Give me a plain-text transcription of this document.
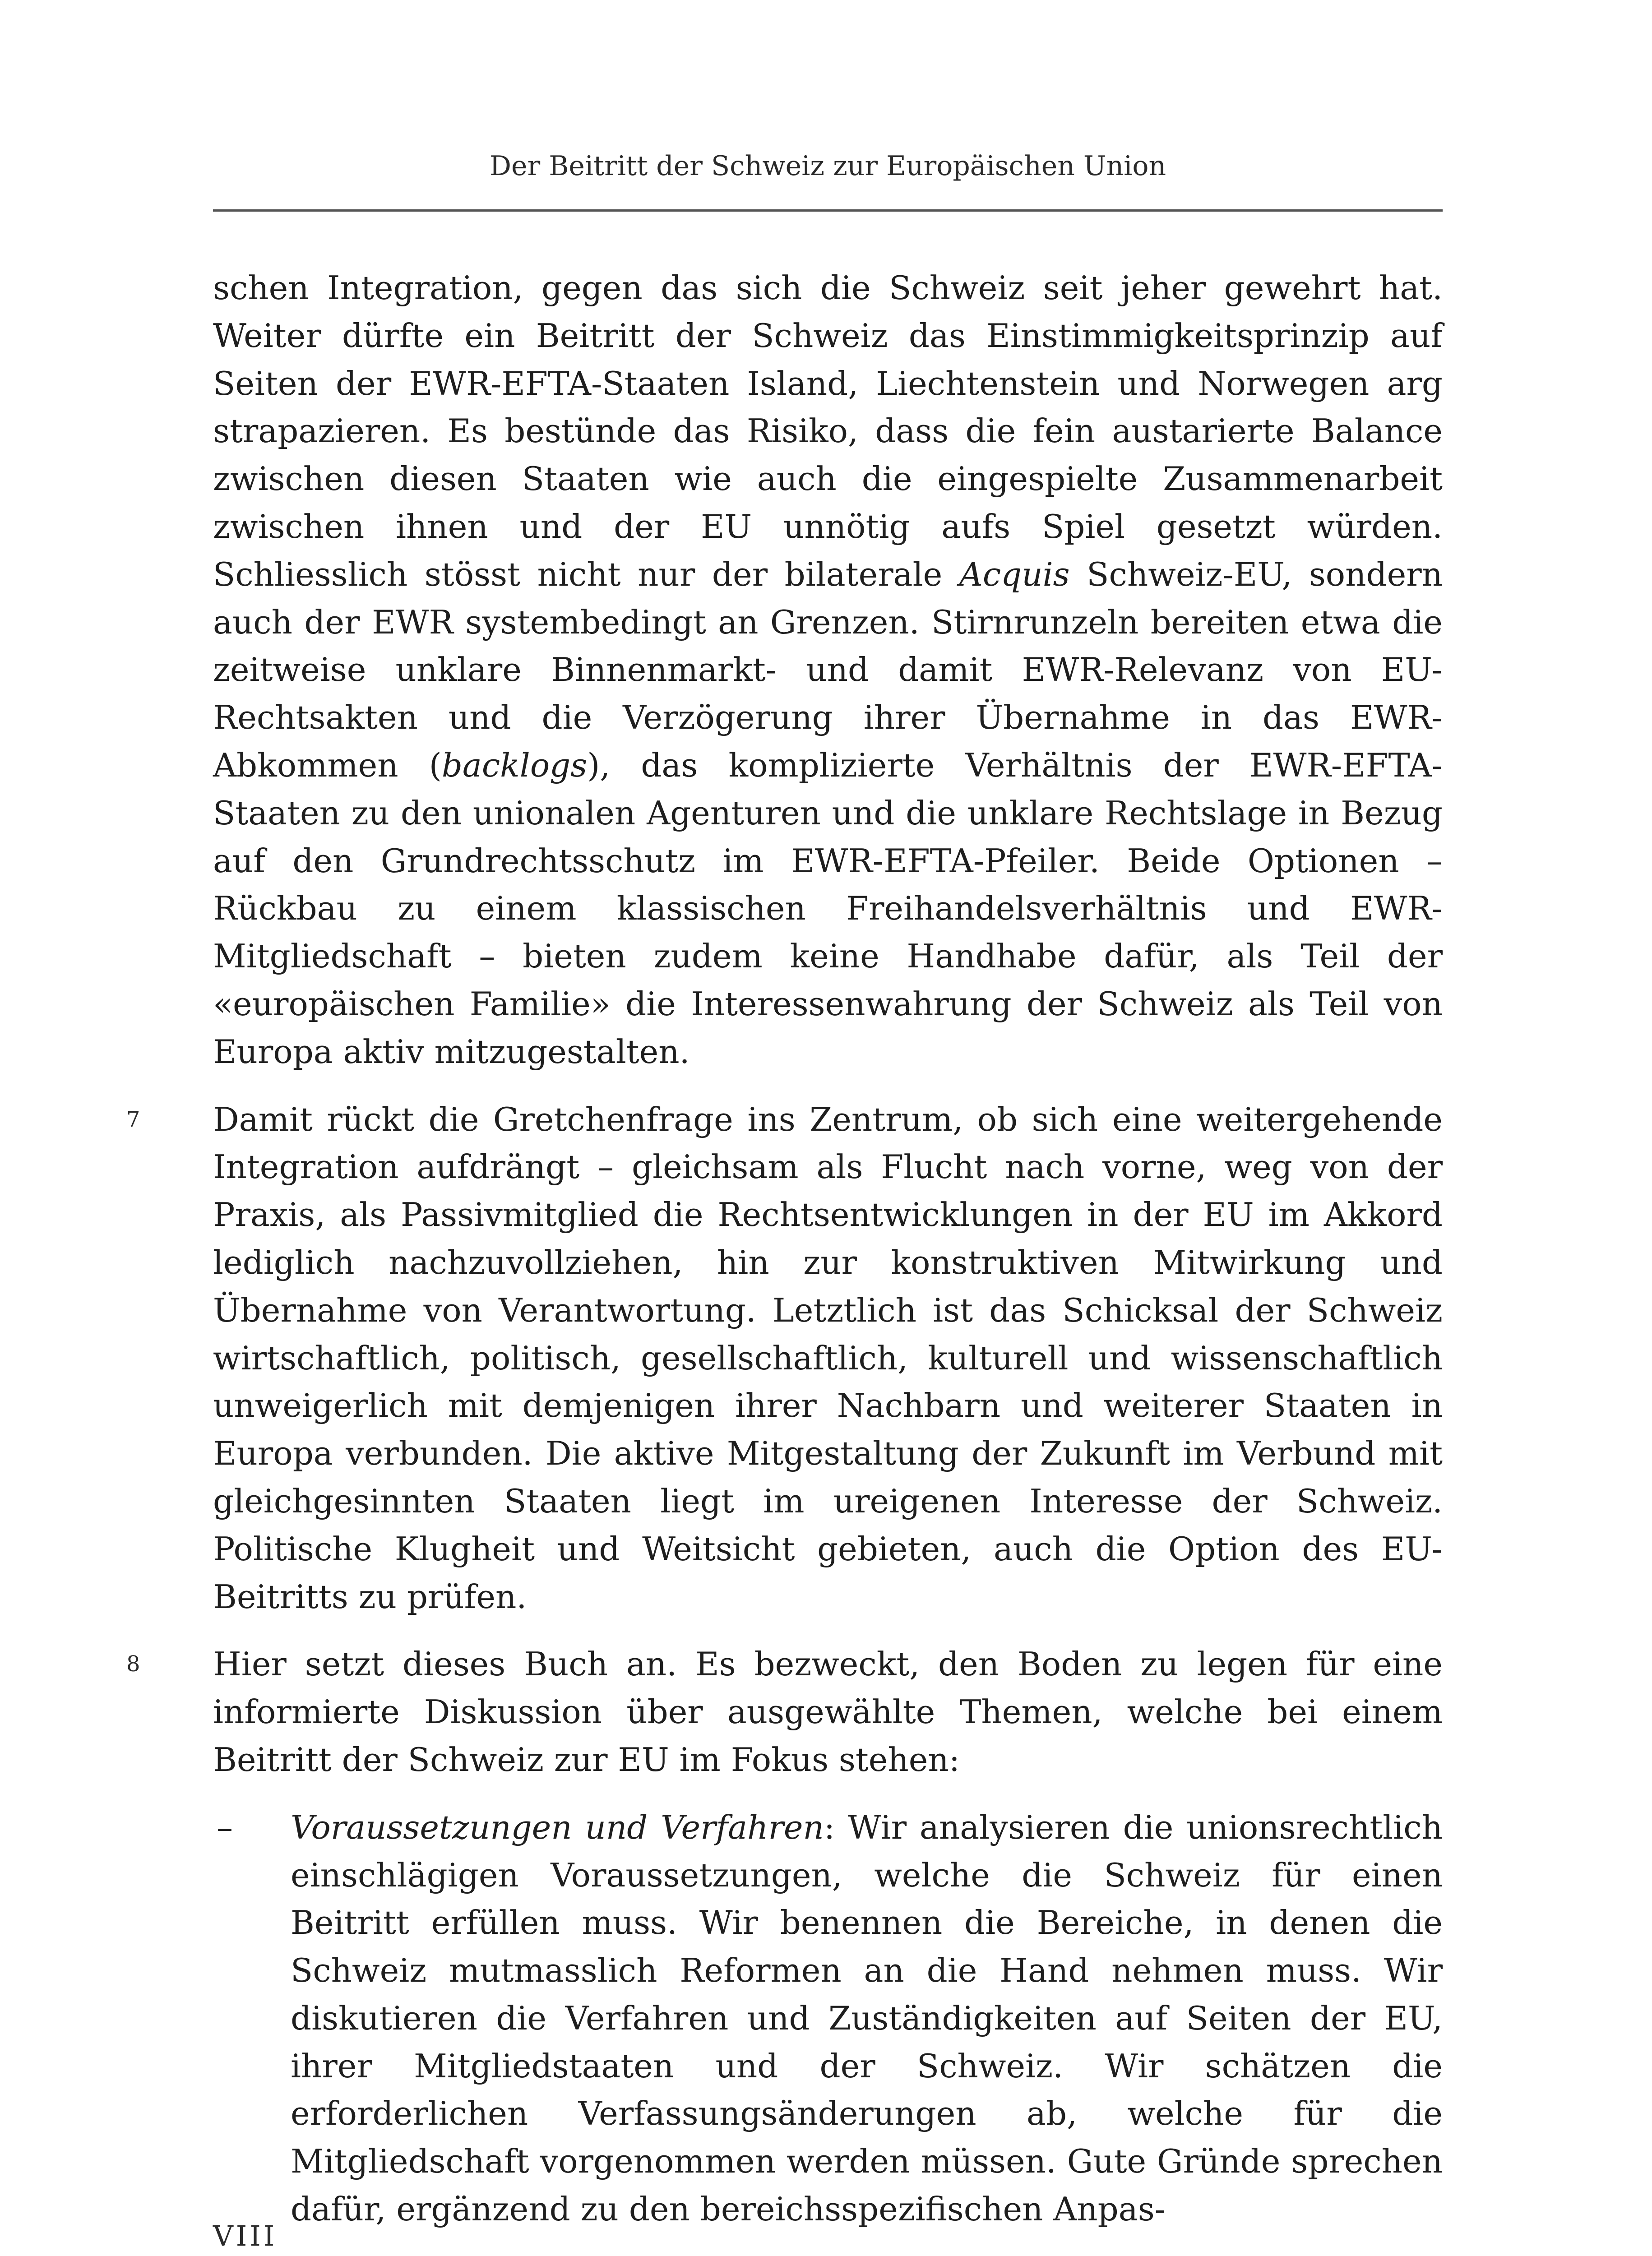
Der Beitritt der Schweiz zur Europäischen Union

schen Integration, gegen das sich die Schweiz seit jeher gewehrt hat. Weiter dürfte ein Beitritt der Schweiz das Einstimmigkeitsprinzip auf Seiten der EWR-EFTA-Staaten Island, Liechtenstein und Norwegen arg strapazieren. Es bestünde das Risiko, dass die fein austarierte Balance zwischen diesen Staaten wie auch die eingespielte Zusammenarbeit zwischen ihnen und der EU unnötig aufs Spiel gesetzt würden. Schliesslich stösst nicht nur der bilaterale Acquis Schweiz-EU, sondern auch der EWR systembedingt an Grenzen. Stirnrunzeln bereiten etwa die zeitweise unklare Binnenmarkt- und damit EWR-Relevanz von EU-Rechtsakten und die Verzögerung ihrer Übernahme in das EWR-Abkommen (backlogs), das komplizierte Verhältnis der EWR-EFTA-Staaten zu den unionalen Agenturen und die unklare Rechtslage in Bezug auf den Grundrechtsschutz im EWR-EFTA-Pfeiler. Beide Optionen – Rückbau zu einem klassischen Freihandelsverhältnis und EWR-Mitgliedschaft – bieten zudem keine Handhabe dafür, als Teil der «europäischen Familie» die Interessenwahrung der Schweiz als Teil von Europa aktiv mitzugestalten.

7 Damit rückt die Gretchenfrage ins Zentrum, ob sich eine weitergehende Integration aufdrängt – gleichsam als Flucht nach vorne, weg von der Praxis, als Passivmitglied die Rechtsentwicklungen in der EU im Akkord lediglich nachzuvollziehen, hin zur konstruktiven Mitwirkung und Übernahme von Verantwortung. Letztlich ist das Schicksal der Schweiz wirtschaftlich, politisch, gesellschaftlich, kulturell und wissenschaftlich unweigerlich mit demjenigen ihrer Nachbarn und weiterer Staaten in Europa verbunden. Die aktive Mitgestaltung der Zukunft im Verbund mit gleichgesinnten Staaten liegt im ureigenen Interesse der Schweiz. Politische Klugheit und Weitsicht gebieten, auch die Option des EU-Beitritts zu prüfen.

8 Hier setzt dieses Buch an. Es bezweckt, den Boden zu legen für eine informierte Diskussion über ausgewählte Themen, welche bei einem Beitritt der Schweiz zur EU im Fokus stehen:

– Voraussetzungen und Verfahren: Wir analysieren die unionsrechtlich einschlägigen Voraussetzungen, welche die Schweiz für einen Beitritt erfüllen muss. Wir benennen die Bereiche, in denen die Schweiz mutmasslich Reformen an die Hand nehmen muss. Wir diskutieren die Verfahren und Zuständigkeiten auf Seiten der EU, ihrer Mitgliedstaaten und der Schweiz. Wir schätzen die erforderlichen Verfassungsänderungen ab, welche für die Mitgliedschaft vorgenommen werden müssen. Gute Gründe sprechen dafür, ergänzend zu den bereichsspezifischen Anpas-
VIII
